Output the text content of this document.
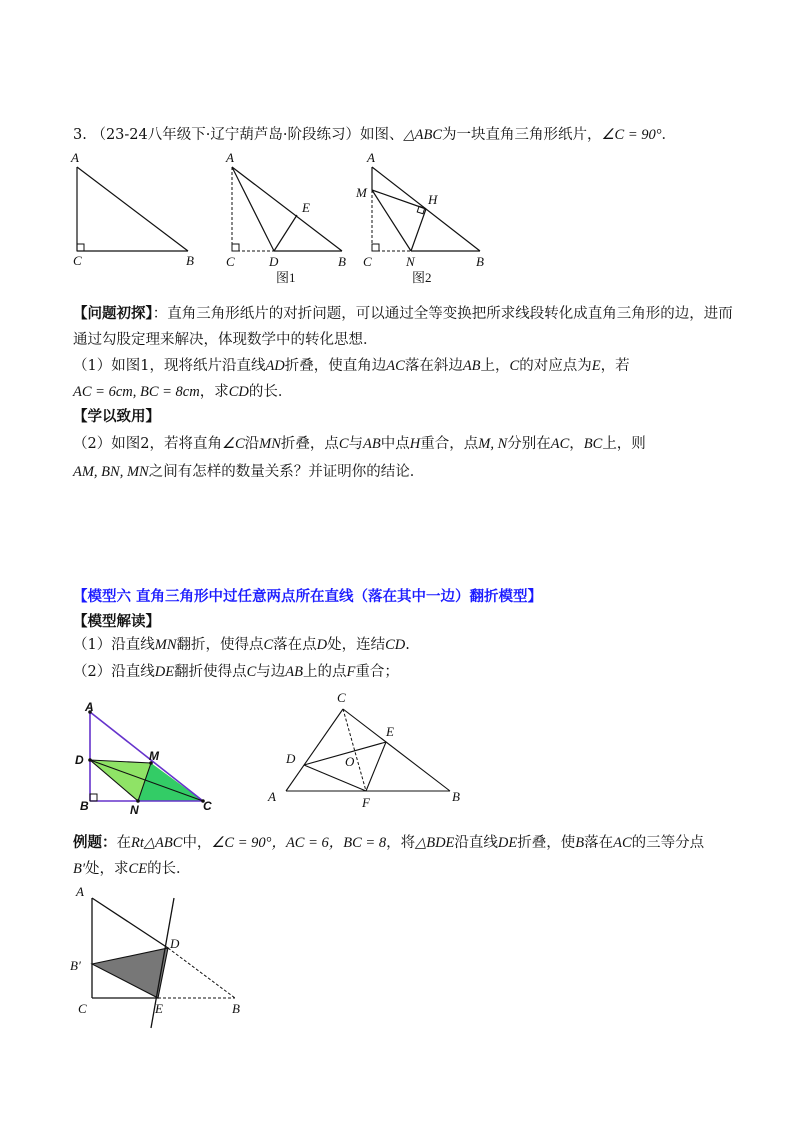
3. （23-24八年级下·辽宁葫芦岛·阶段练习）如图、△ABC为一块直角三角形纸片，∠C = 90°．
A
C	B
A
E
C	D	B
图1
A
M	H
C	N	B
图2
【问题初探】：直角三角形纸片的对折问题，可以通过全等变换把所求线段转化成直角三角形的边，进而
通过勾股定理来解决，体现数学中的转化思想．
（1）如图1，现将纸片沿直线AD折叠，使直角边AC落在斜边AB上，C的对应点为E，若
AC = 6cm, BC = 8cm，求CD的长．
【学以致用】
（2）如图2，若将直角∠C沿MN折叠，点C与AB中点H重合，点M, N分别在AC，BC上，则
AM, BN, MN之间有怎样的数量关系？并证明你的结论．
【模型六 直角三角形中过任意两点所在直线（落在其中一边）翻折模型】
【模型解读】
（1）沿直线MN翻折，使得点C落在点D处，连结CD.
（2）沿直线DE翻折使得点C与边AB上的点F重合；
A
D	M
B	N	C
C
E
D	O
A	F	B
例题：在Rt△ABC中，∠C = 90°，AC = 6，BC = 8，将△BDE沿直线DE折叠，使B落在AC的三等分点
B′处，求CE的长．
A
D
B′
C	E	B
